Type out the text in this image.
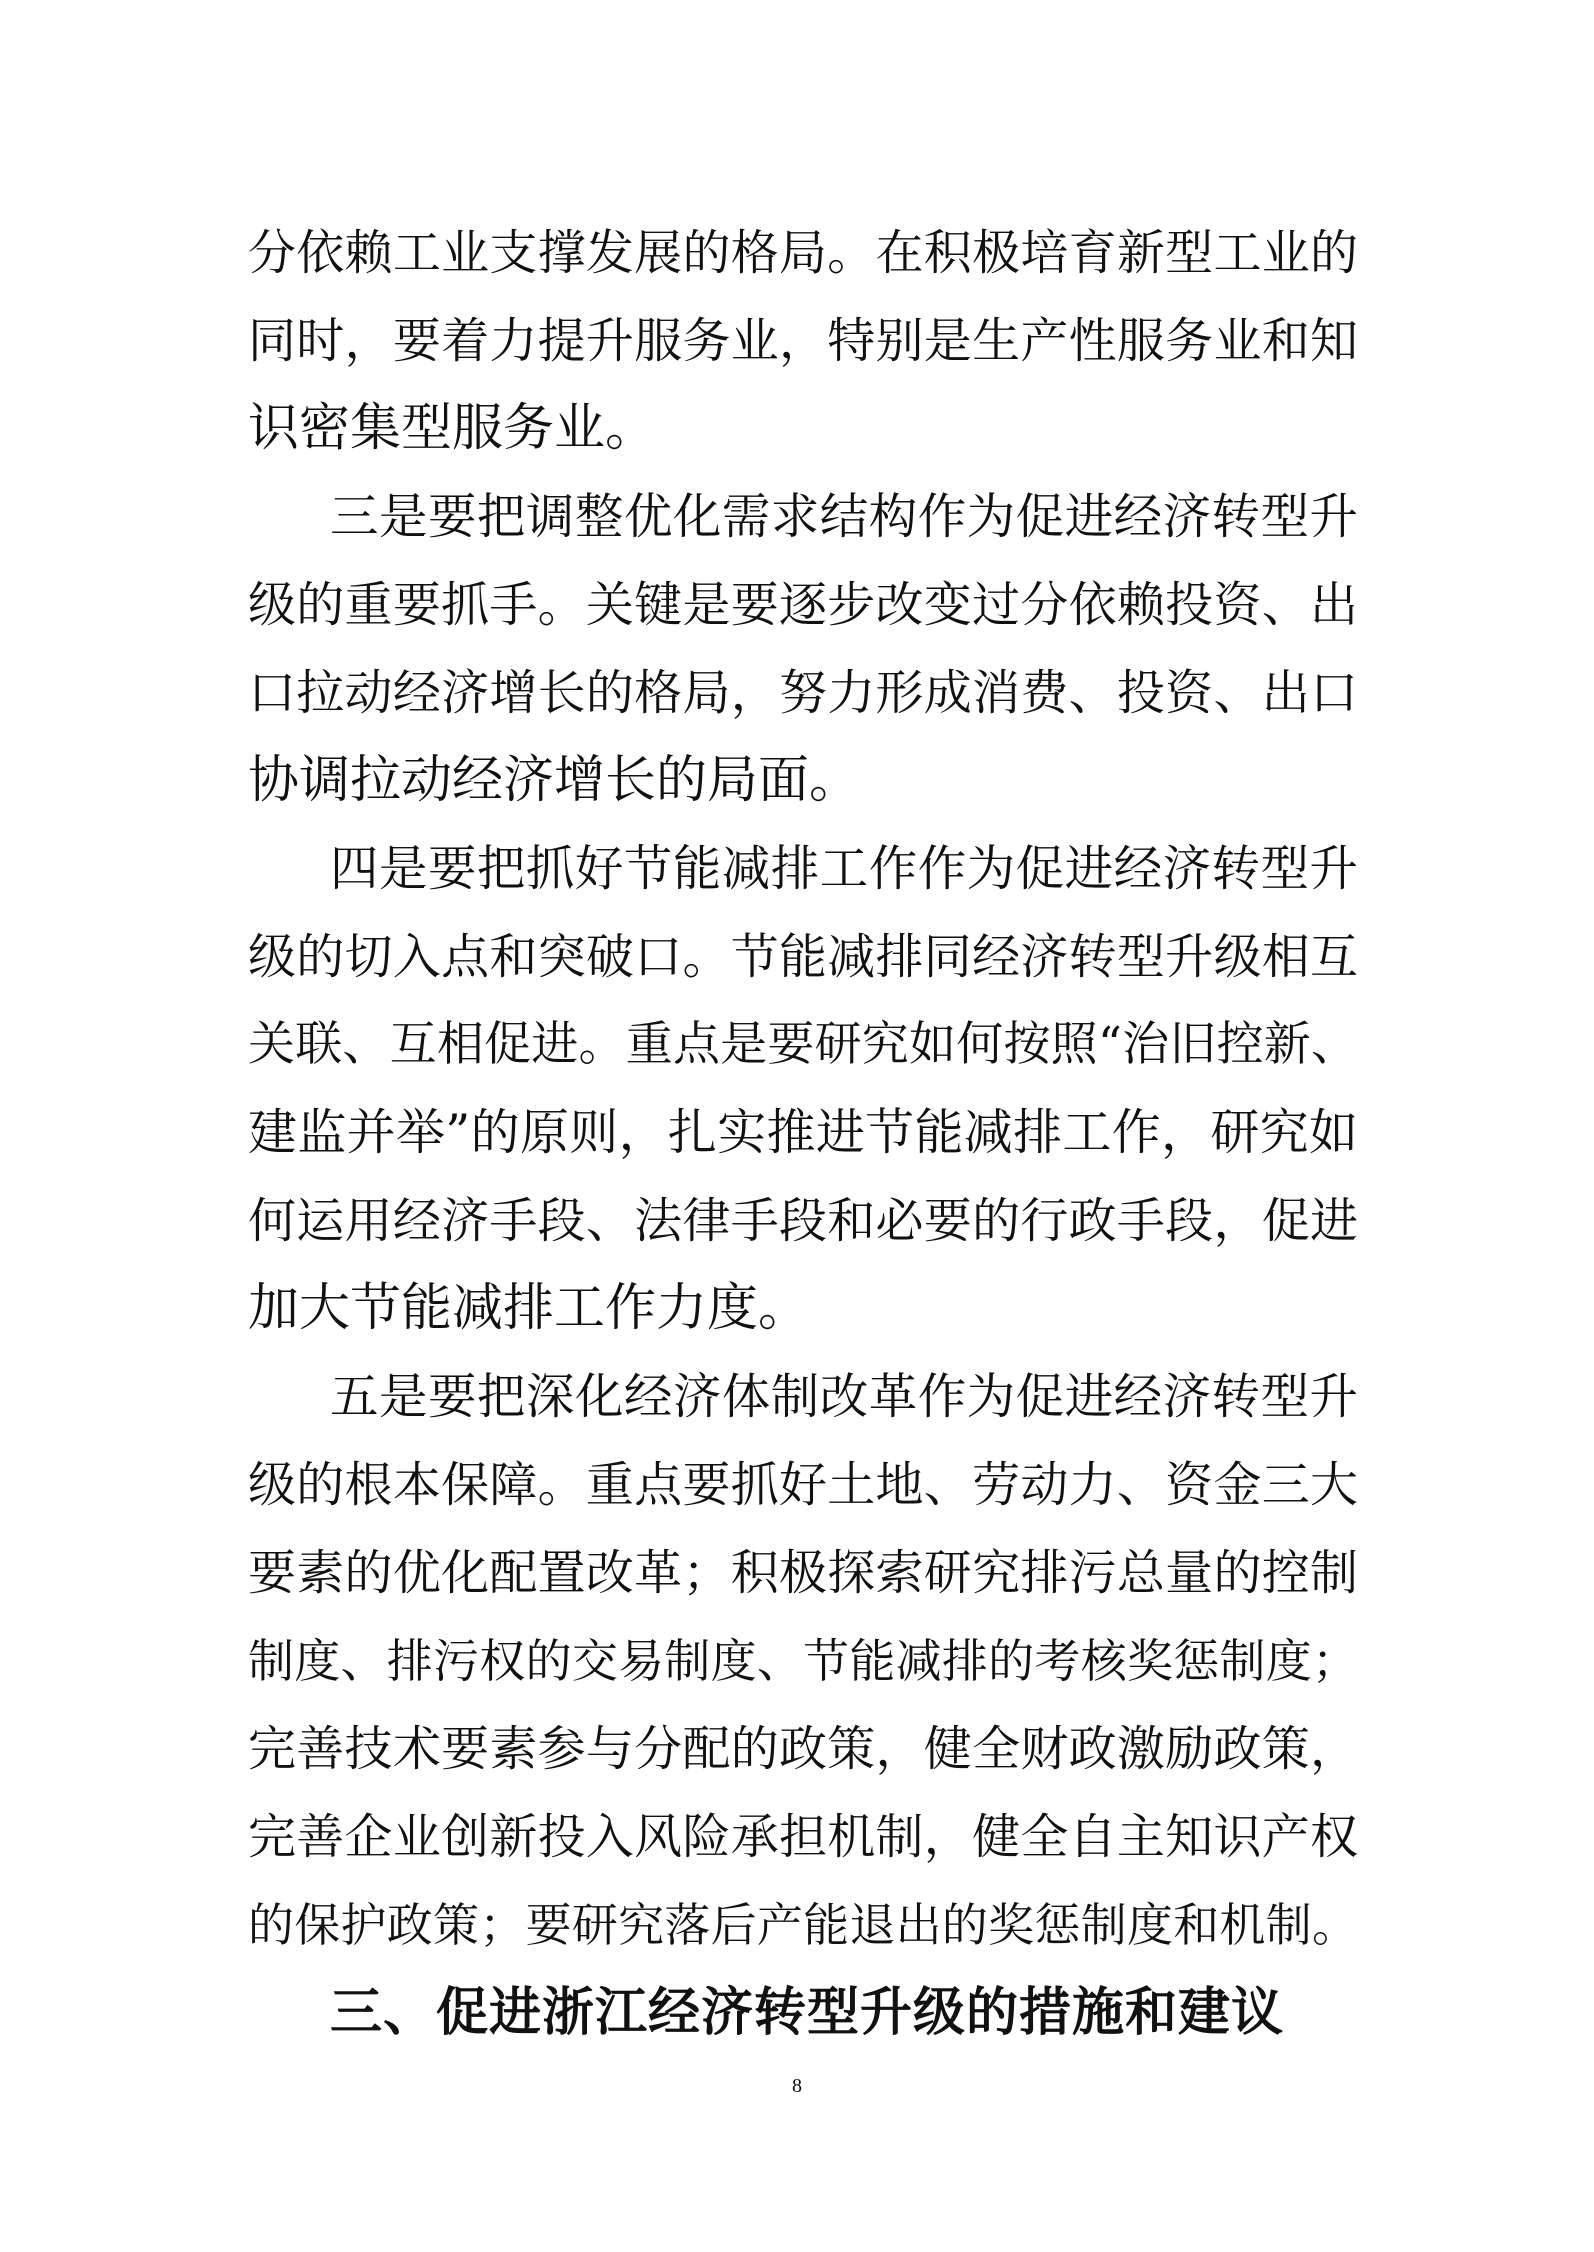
分依赖工业支撑发展的格局。在积极培育新型工业的
同时，要着力提升服务业，特别是生产性服务业和知
识密集型服务业。
三是要把调整优化需求结构作为促进经济转型升
级的重要抓手。关键是要逐步改变过分依赖投资、出
口拉动经济增长的格局，努力形成消费、投资、出口
协调拉动经济增长的局面。
四是要把抓好节能减排工作作为促进经济转型升
级的切入点和突破口。节能减排同经济转型升级相互
关联、互相促进。重点是要研究如何按照“治旧控新、
建监并举”的原则，扎实推进节能减排工作，研究如
何运用经济手段、法律手段和必要的行政手段，促进
加大节能减排工作力度。
五是要把深化经济体制改革作为促进经济转型升
级的根本保障。重点要抓好土地、劳动力、资金三大
要素的优化配置改革；积极探索研究排污总量的控制
制度、排污权的交易制度、节能减排的考核奖惩制度；
完善技术要素参与分配的政策，健全财政激励政策，
完善企业创新投入风险承担机制，健全自主知识产权
的保护政策；要研究落后产能退出的奖惩制度和机制。
三、促进浙江经济转型升级的措施和建议
8
